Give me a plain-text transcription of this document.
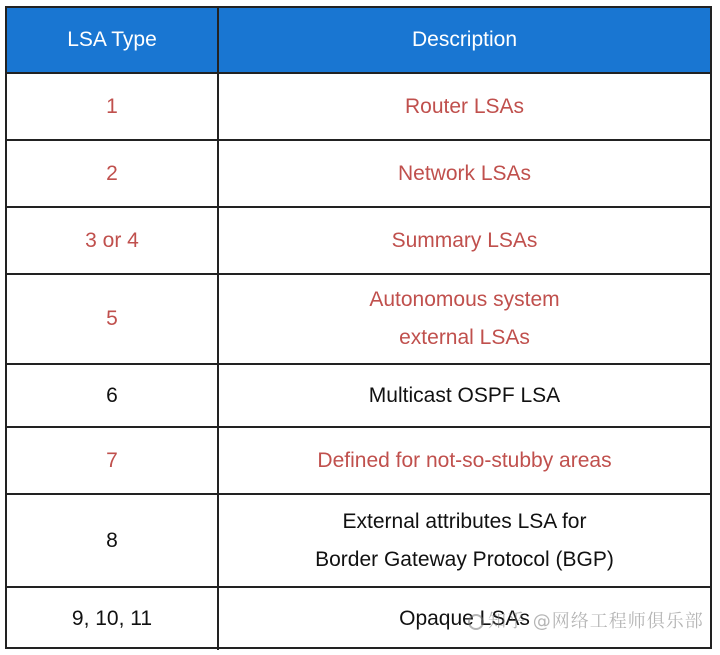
LSA Type	Description
1	Router LSAs

2	Network LSAs

3 or 4	Summary LSAs

5	Autonomous system
external LSAs

6	Multicast OSPF LSA

7	Defined for not-so-stubby areas

8	External attributes LSA for
Border Gateway Protocol (BGP)

9, 10, 11	Opaque LSAs
知乎 @网络工程师俱乐部
